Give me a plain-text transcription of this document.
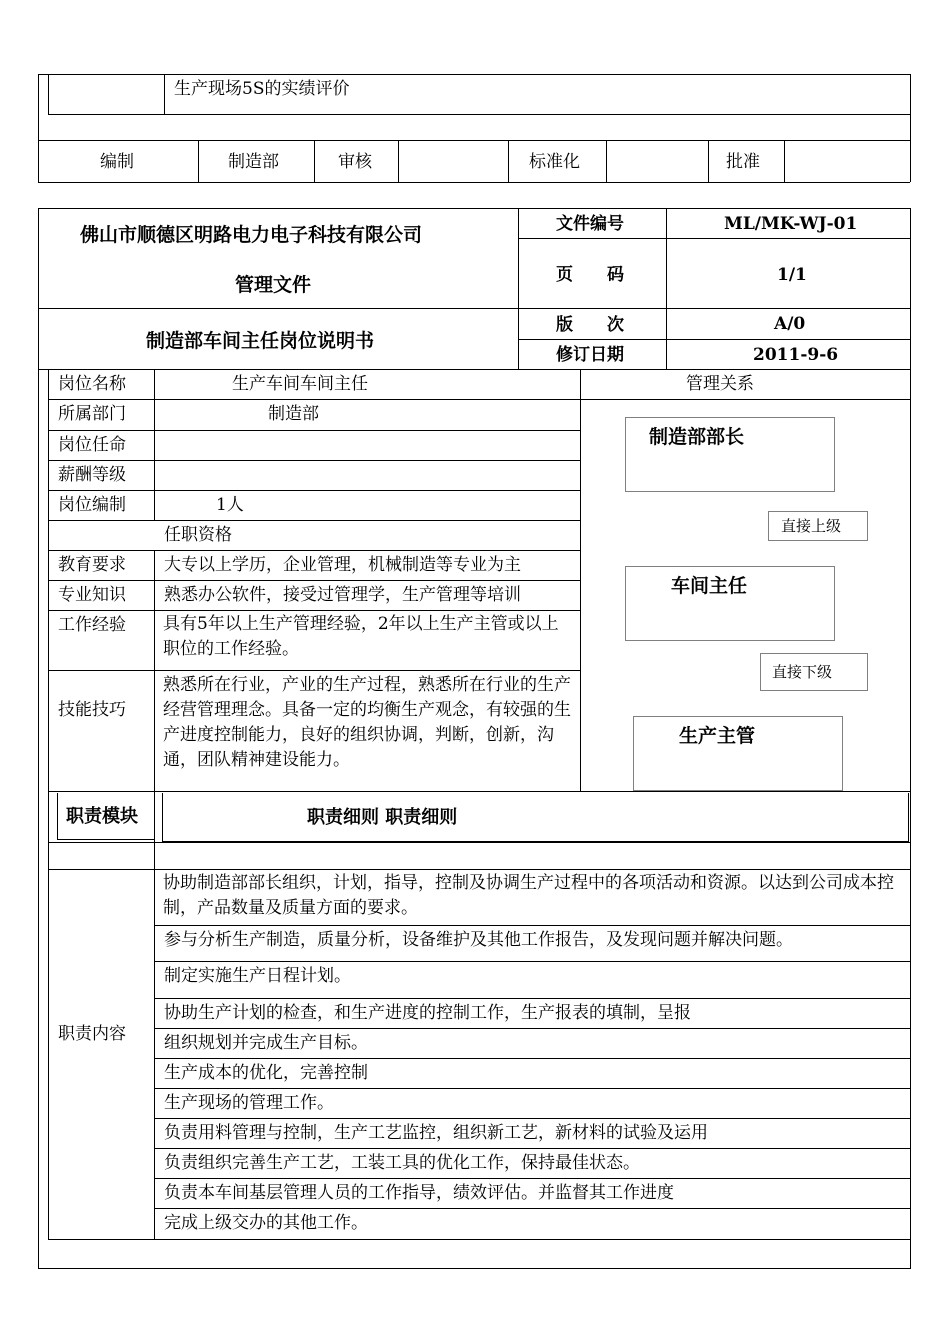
生产现场5S的实绩评价
编制	制造部	审核	标准化	批准
佛山市顺德区明路电力电子科技有限公司
管理文件
制造部车间主任岗位说明书
文件编号	ML/MK-WJ-01
页　　码	1/1
版　　次	A/0
修订日期	2011-9-6
岗位名称	生产车间车间主任
所属部门	制造部
岗位任命
薪酬等级
岗位编制	1人
任职资格
教育要求 大专以上学历，企业管理，机械制造等专业为主
专业知识 熟悉办公软件，接受过管理学，生产管理等培训
工作经验 具有5年以上生产管理经验，2年以上生产主管或以上职位的工作经验。
技能技巧
熟悉所在行业，产业的生产过程，熟悉所在行业的生产经营管理理念。具备一定的均衡生产观念，有较强的生产进度控制能力，良好的组织协调，判断，创新，沟通，团队精神建设能力。
管理关系
制造部部长
直接上级
车间主任
直接下级
生产主管
职责模块	职责细则 职责细则
职责内容
协助制造部部长组织，计划，指导，控制及协调生产过程中的各项活动和资源。以达到公司成本控制，产品数量及质量方面的要求。
参与分析生产制造，质量分析，设备维护及其他工作报告，及发现问题并解决问题。
制定实施生产日程计划。
协助生产计划的检查，和生产进度的控制工作，生产报表的填制，呈报
组织规划并完成生产目标。
生产成本的优化，完善控制
生产现场的管理工作。
负责用料管理与控制，生产工艺监控，组织新工艺，新材料的试验及运用
负责组织完善生产工艺，工装工具的优化工作，保持最佳状态。
负责本车间基层管理人员的工作指导，绩效评估。并监督其工作进度
完成上级交办的其他工作。
